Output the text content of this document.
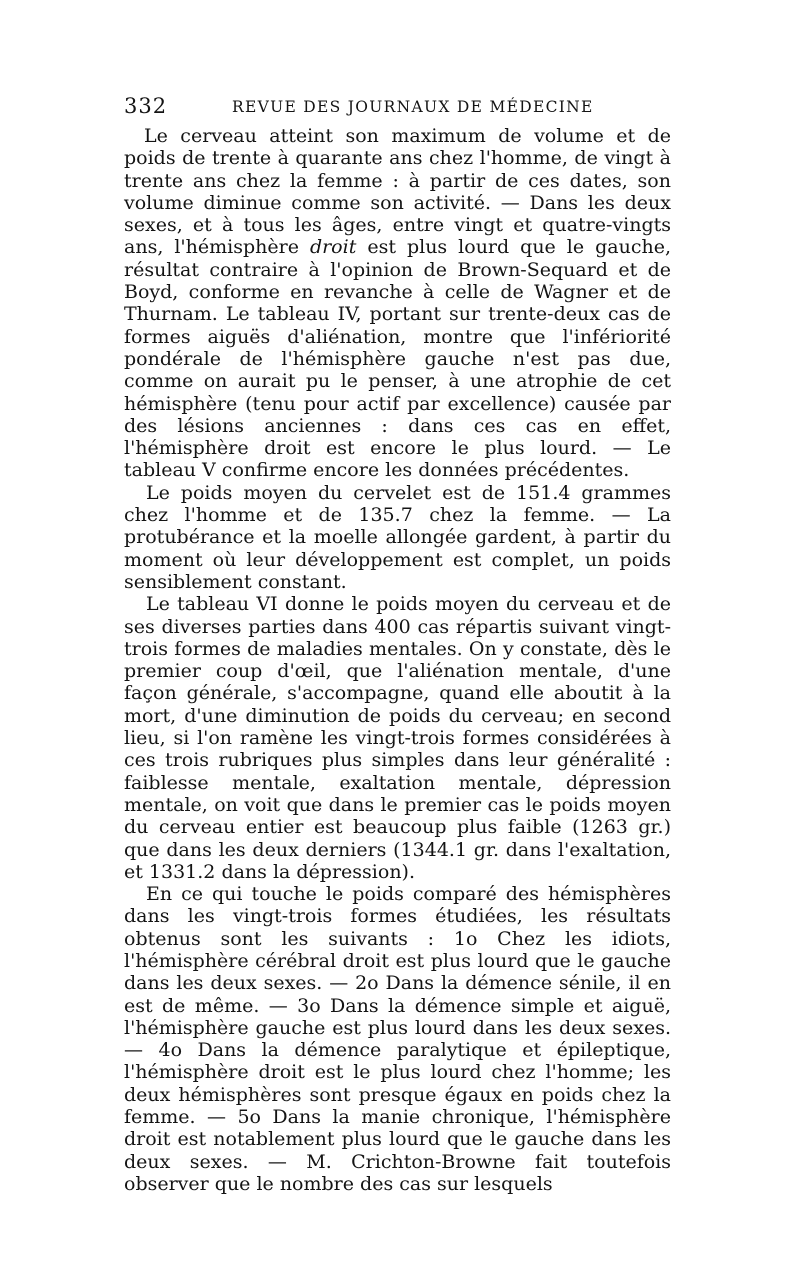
332	REVUE DES JOURNAUX DE MÉDECINE

Le cerveau atteint son maximum de volume et de poids de trente à quarante ans chez l'homme, de vingt à trente ans chez la femme : à partir de ces dates, son volume diminue comme son activité. — Dans les deux sexes, et à tous les âges, entre vingt et quatre-vingts ans, l'hémisphère droit est plus lourd que le gauche, résultat contraire à l'opinion de Brown-Sequard et de Boyd, conforme en revanche à celle de Wagner et de Thurnam. Le tableau IV, portant sur trente-deux cas de formes aiguës d'aliénation, montre que l'infériorité pondérale de l'hémisphère gauche n'est pas due, comme on aurait pu le penser, à une atrophie de cet hémisphère (tenu pour actif par excellence) causée par des lésions anciennes : dans ces cas en effet, l'hémisphère droit est encore le plus lourd. — Le tableau V confirme encore les données précédentes.

Le poids moyen du cervelet est de 151.4 grammes chez l'homme et de 135.7 chez la femme. — La protubérance et la moelle allongée gardent, à partir du moment où leur développement est complet, un poids sensiblement constant.

Le tableau VI donne le poids moyen du cerveau et de ses diverses parties dans 400 cas répartis suivant vingt-trois formes de maladies mentales. On y constate, dès le premier coup d'œil, que l'aliénation mentale, d'une façon générale, s'accompagne, quand elle aboutit à la mort, d'une diminution de poids du cerveau; en second lieu, si l'on ramène les vingt-trois formes considérées à ces trois rubriques plus simples dans leur généralité : faiblesse mentale, exaltation mentale, dépression mentale, on voit que dans le premier cas le poids moyen du cerveau entier est beaucoup plus faible (1263 gr.) que dans les deux derniers (1344.1 gr. dans l'exaltation, et 1331.2 dans la dépression).

En ce qui touche le poids comparé des hémisphères dans les vingt-trois formes étudiées, les résultats obtenus sont les suivants : 1o Chez les idiots, l'hémisphère cérébral droit est plus lourd que le gauche dans les deux sexes. — 2o Dans la démence sénile, il en est de même. — 3o Dans la démence simple et aiguë, l'hémisphère gauche est plus lourd dans les deux sexes. — 4o Dans la démence paralytique et épileptique, l'hémisphère droit est le plus lourd chez l'homme; les deux hémisphères sont presque égaux en poids chez la femme. — 5o Dans la manie chronique, l'hémisphère droit est notablement plus lourd que le gauche dans les deux sexes. — M. Crichton-Browne fait toutefois observer que le nombre des cas sur lesquels
